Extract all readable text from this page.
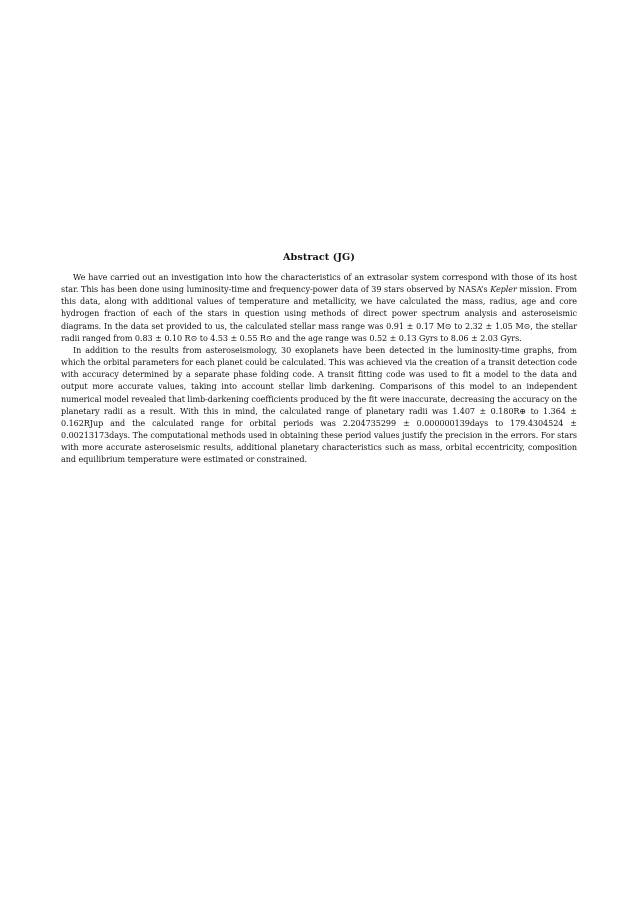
Abstract (JG)

We have carried out an investigation into how the characteristics of an extrasolar system correspond with those of its host star. This has been done using luminosity-time and frequency-power data of 39 stars observed by NASA’s Kepler mission. From this data, along with additional values of temperature and metallicity, we have calculated the mass, radius, age and core hydrogen fraction of each of the stars in question using methods of direct power spectrum analysis and asteroseismic diagrams. In the data set provided to us, the calculated stellar mass range was 0.91 ± 0.17 M⊙ to 2.32 ± 1.05 M⊙, the stellar radii ranged from 0.83 ± 0.10 R⊙ to 4.53 ± 0.55 R⊙ and the age range was 0.52 ± 0.13 Gyrs to 8.06 ± 2.03 Gyrs.

In addition to the results from asteroseismology, 30 exoplanets have been detected in the luminosity-time graphs, from which the orbital parameters for each planet could be calculated. This was achieved via the creation of a transit detection code with accuracy determined by a separate phase folding code. A transit fitting code was used to fit a model to the data and output more accurate values, taking into account stellar limb darkening. Comparisons of this model to an independent numerical model revealed that limb-darkening coefficients produced by the fit were inaccurate, decreasing the accuracy on the planetary radii as a result. With this in mind, the calculated range of planetary radii was 1.407 ± 0.180R⊕ to 1.364 ± 0.162RJup and the calculated range for orbital periods was 2.204735299 ± 0.000000139days to 179.4304524 ± 0.00213173days. The computational methods used in obtaining these period values justify the precision in the errors. For stars with more accurate asteroseismic results, additional planetary characteristics such as mass, orbital eccentricity, composition and equilibrium temperature were estimated or constrained.
